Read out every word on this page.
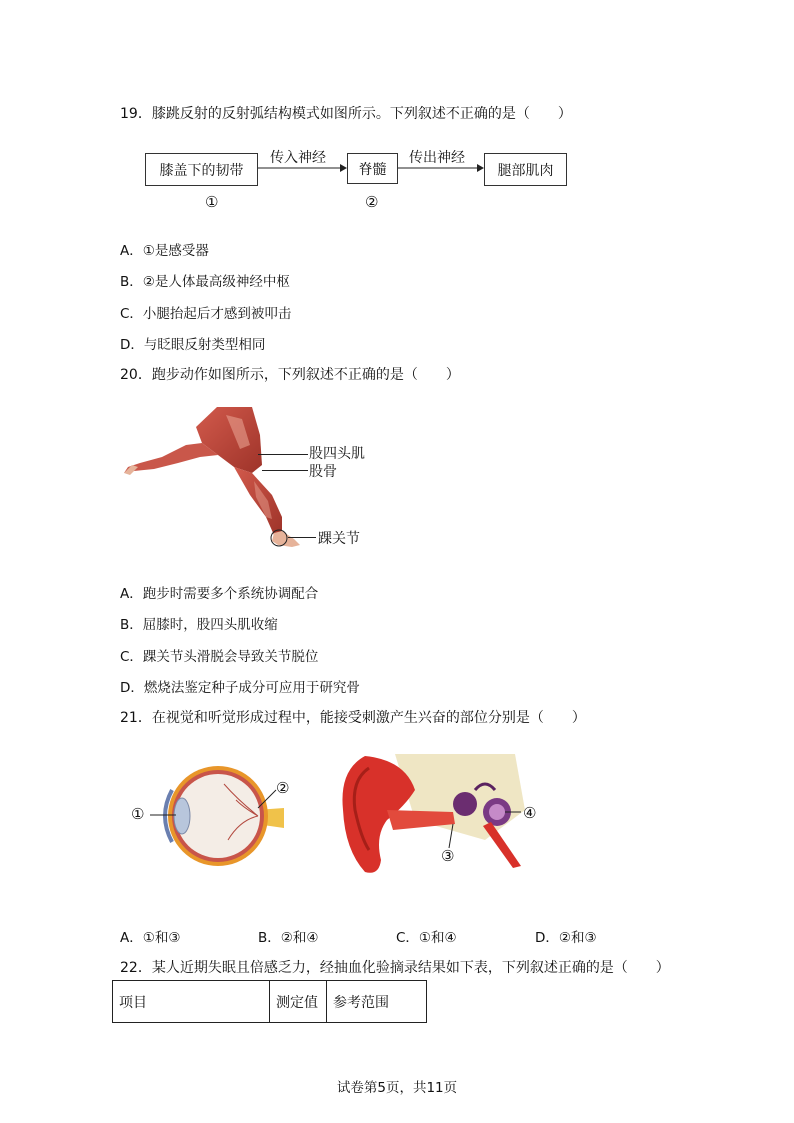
19．膝跳反射的反射弧结构模式如图所示。下列叙述不正确的是（　　）
膝盖下的韧带	脊髓	腿部肌肉
传入神经	传出神经
①	②
A．①是感受器
B．②是人体最高级神经中枢
C．小腿抬起后才感到被叩击
D．与眨眼反射类型相同
20．跑步动作如图所示，下列叙述不正确的是（　　）
股四头肌
股骨
踝关节
A．跑步时需要多个系统协调配合
B．屈膝时，股四头肌收缩
C．踝关节头滑脱会导致关节脱位
D．燃烧法鉴定种子成分可应用于研究骨
21．在视觉和听觉形成过程中，能接受刺激产生兴奋的部位分别是（　　）
①
②
③
④
A．①和③	B．②和④	C．①和④	D．②和③
22．某人近期失眠且倍感乏力，经抽血化验摘录结果如下表，下列叙述正确的是（　　）
项目	测定值	参考范围
试卷第5页，共11页
